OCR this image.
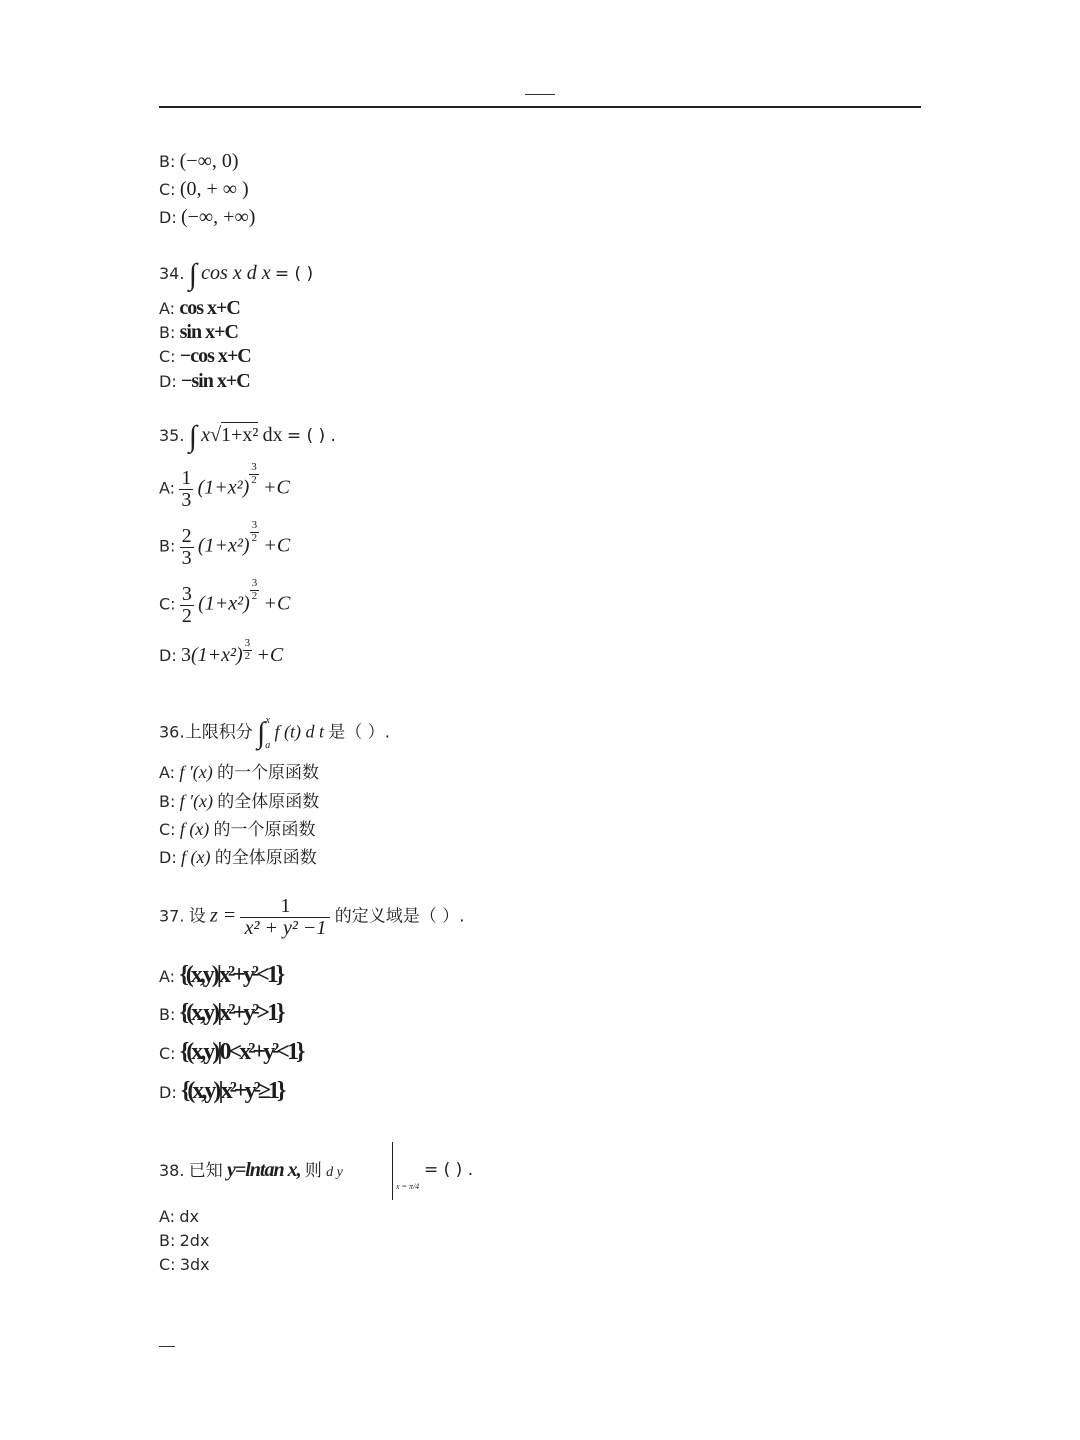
B: (−∞, 0)
C: (0, + ∞ )
D: (−∞, +∞)
34. ∫ cos x d x = ( )
A: cos x+C
B: sin x+C
C: −cos x+C
D: −sin x+C
35. ∫ x√1+x² dx = ( ) .
A: $\frac{1}{3} (1+x^2)$
$\frac{3}{2}$
+C
B: $\frac{2}{3} (1+x^2)$
$\frac{3}{2}$
+C
C: $\frac{3}{2} (1+x^2)$
$\frac{3}{2}$
+C
D: $3(1+x^2) \frac{3}{2} +C$
36.上限积分 ∫ x
a
f (t) d t 是（ ）.
A: f ′(x) 的一个原函数
B: f ′(x) 的全体原函数
C: f (x) 的一个原函数
D: f (x) 的全体原函数
37. 设 $z = \frac{1}{\text{x² + y² −1}}$ 的定义域是（ ）.
A: {(x,y)|x²+y²<1}
B: {(x,y)|x²+y²>1}
C: {(x,y)|0<x²+y²<1}
D: {(x,y)|x²+y²≥1}
38. 已知 y=lntan x, 则 d y
x = π/4
= ( ) .
A: dx
B: 2dx
C: 3dx
